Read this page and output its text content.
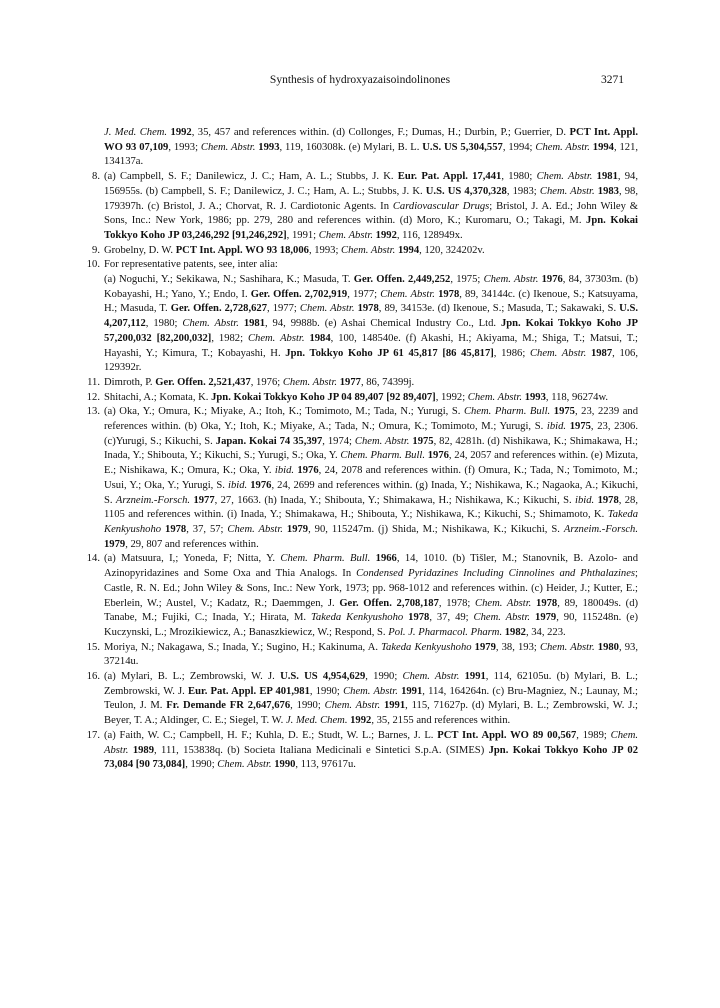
Synthesis of hydroxyazaisoindolinones	3271
J. Med. Chem. 1992, 35, 457 and references within. (d) Collonges, F.; Dumas, H.; Durbin, P.; Guerrier, D. PCT Int. Appl. WO 93 07,109, 1993; Chem. Abstr. 1993, 119, 160308k. (e) Mylari, B. L. U.S. US 5,304,557, 1994; Chem. Abstr. 1994, 121, 134137a.
8. (a) Campbell, S. F.; Danilewicz, J. C.; Ham, A. L.; Stubbs, J. K. Eur. Pat. Appl. 17,441, 1980; Chem. Abstr. 1981, 94, 156955s. (b) Campbell, S. F.; Danilewicz, J. C.; Ham, A. L.; Stubbs, J. K. U.S. US 4,370,328, 1983; Chem. Abstr. 1983, 98, 179397h. (c) Bristol, J. A.; Chorvat, R. J. Cardiotonic Agents. In Cardiovascular Drugs; Bristol, J. A. Ed.; John Wiley & Sons, Inc.: New York, 1986; pp. 279, 280 and references within. (d) Moro, K.; Kuromaru, O.; Takagi, M. Jpn. Kokai Tokkyo Koho JP 03,246,292 [91,246,292], 1991; Chem. Abstr. 1992, 116, 128949x.
9. Grobelny, D. W. PCT Int. Appl. WO 93 18,006, 1993; Chem. Abstr. 1994, 120, 324202v.
10. For representative patents, see, inter alia:
(a) Noguchi, Y.; Sekikawa, N.; Sashihara, K.; Masuda, T. Ger. Offen. 2,449,252, 1975; Chem. Abstr. 1976, 84, 37303m. (b) Kobayashi, H.; Yano, Y.; Endo, I. Ger. Offen. 2,702,919, 1977; Chem. Abstr. 1978, 89, 34144c. (c) Ikenoue, S.; Katsuyama, H.; Masuda, T. Ger. Offen. 2,728,627, 1977; Chem. Abstr. 1978, 89, 34153e. (d) Ikenoue, S.; Masuda, T.; Sakawaki, S. U.S. 4,207,112, 1980; Chem. Abstr. 1981, 94, 9988b. (e) Ashai Chemical Industry Co., Ltd. Jpn. Kokai Tokkyo Koho JP 57,200,032 [82,200,032], 1982; Chem. Abstr. 1984, 100, 148540e. (f) Akashi, H.; Akiyama, M.; Shiga, T.; Matsui, T.; Hayashi, Y.; Kimura, T.; Kobayashi, H. Jpn. Tokkyo Koho JP 61 45,817 [86 45,817], 1986; Chem. Abstr. 1987, 106, 129392r.
11. Dimroth, P. Ger. Offen. 2,521,437, 1976; Chem. Abstr. 1977, 86, 74399j.
12. Shitachi, A.; Komata, K. Jpn. Kokai Tokkyo Koho JP 04 89,407 [92 89,407], 1992; Chem. Abstr. 1993, 118, 96274w.
13. (a) Oka, Y.; Omura, K.; Miyake, A.; Itoh, K.; Tomimoto, M.; Tada, N.; Yurugi, S. Chem. Pharm. Bull. 1975, 23, 2239 and references within. (b) Oka, Y.; Itoh, K.; Miyake, A.; Tada, N.; Omura, K.; Tomimoto, M.; Yurugi, S. ibid. 1975, 23, 2306. (c)Yurugi, S.; Kikuchi, S. Japan. Kokai 74 35,397, 1974; Chem. Abstr. 1975, 82, 4281h. (d) Nishikawa, K.; Shimakawa, H.; Inada, Y.; Shibouta, Y.; Kikuchi, S.; Yurugi, S.; Oka, Y. Chem. Pharm. Bull. 1976, 24, 2057 and references within. (e) Mizuta, E.; Nishikawa, K.; Omura, K.; Oka, Y. ibid. 1976, 24, 2078 and references within. (f) Omura, K.; Tada, N.; Tomimoto, M.; Usui, Y.; Oka, Y.; Yurugi, S. ibid. 1976, 24, 2699 and references within. (g) Inada, Y.; Nishikawa, K.; Nagaoka, A.; Kikuchi, S. Arzneim.-Forsch. 1977, 27, 1663. (h) Inada, Y.; Shibouta, Y.; Shimakawa, H.; Nishikawa, K.; Kikuchi, S. ibid. 1978, 28, 1105 and references within. (i) Inada, Y.; Shimakawa, H.; Shibouta, Y.; Nishikawa, K.; Kikuchi, S.; Shimamoto, K. Takeda Kenkyushoho 1978, 37, 57; Chem. Abstr. 1979, 90, 115247m. (j) Shida, M.; Nishikawa, K.; Kikuchi, S. Arzneim.-Forsch. 1979, 29, 807 and references within.
14. (a) Matsuura, I,; Yoneda, F; Nitta, Y. Chem. Pharm. Bull. 1966, 14, 1010. (b) Tišler, M.; Stanovnik, B. Azolo- and Azinopyridazines and Some Oxa and Thia Analogs. In Condensed Pyridazines Including Cinnolines and Phthalazines; Castle, R. N. Ed.; John Wiley & Sons, Inc.: New York, 1973; pp. 968-1012 and references within. (c) Heider, J.; Kutter, E.; Eberlein, W.; Austel, V.; Kadatz, R.; Daemmgen, J. Ger. Offen. 2,708,187, 1978; Chem. Abstr. 1978, 89, 180049s. (d) Tanabe, M.; Fujiki, C.; Inada, Y.; Hirata, M. Takeda Kenkyushoho 1978, 37, 49; Chem. Abstr. 1979, 90, 115248n. (e) Kuczynski, L.; Mrozikiewicz, A.; Banaszkiewicz, W.; Respond, S. Pol. J. Pharmacol. Pharm. 1982, 34, 223.
15. Moriya, N.; Nakagawa, S.; Inada, Y.; Sugino, H.; Kakinuma, A. Takeda Kenkyushoho 1979, 38, 193; Chem. Abstr. 1980, 93, 37214u.
16. (a) Mylari, B. L.; Zembrowski, W. J. U.S. US 4,954,629, 1990; Chem. Abstr. 1991, 114, 62105u. (b) Mylari, B. L.; Zembrowski, W. J. Eur. Pat. Appl. EP 401,981, 1990; Chem. Abstr. 1991, 114, 164264n. (c) Bru-Magniez, N.; Launay, M.; Teulon, J. M. Fr. Demande FR 2,647,676, 1990; Chem. Abstr. 1991, 115, 71627p. (d) Mylari, B. L.; Zembrowski, W. J.; Beyer, T. A.; Aldinger, C. E.; Siegel, T. W. J. Med. Chem. 1992, 35, 2155 and references within.
17. (a) Faith, W. C.; Campbell, H. F.; Kuhla, D. E.; Studt, W. L.; Barnes, J. L. PCT Int. Appl. WO 89 00,567, 1989; Chem. Abstr. 1989, 111, 153838q. (b) Societa Italiana Medicinali e Sintetici S.p.A. (SIMES) Jpn. Kokai Tokkyo Koho JP 02 73,084 [90 73,084], 1990; Chem. Abstr. 1990, 113, 97617u.
